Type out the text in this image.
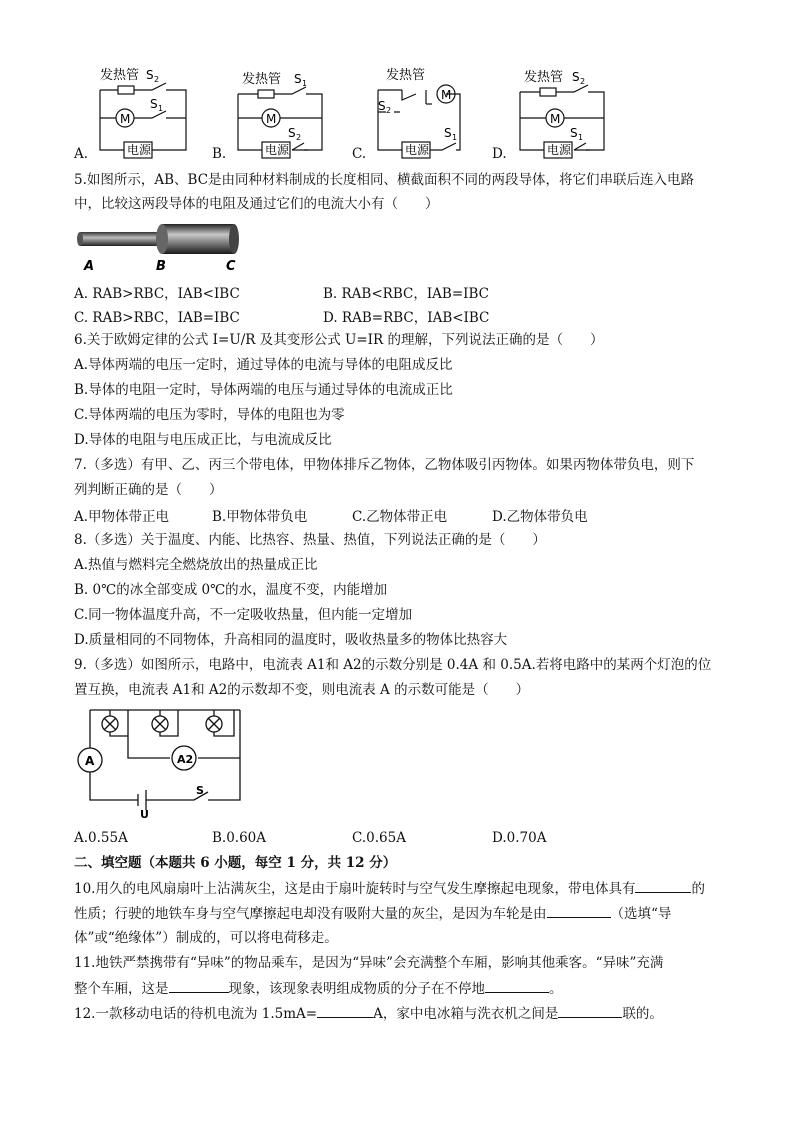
发热管 S 2
M
S 1
电源
A.
发热管 S 1
M
S 2
电源
B.
发热管
M
S 2
S 1
电源
C.
发热管 S 2
M
S 1
电源
D.
5.如图所示，AB、BC是由同种材料制成的长度相同、横截面积不同的两段导体，将它们串联后连入电路
中，比较这两段导体的电阻及通过它们的电流大小有（　　）
A	B	C
A. RAB>RBC，IAB<IBC	B. RAB<RBC，IAB=IBC
C. RAB>RBC，IAB=IBC	D. RAB=RBC，IAB<IBC
6.关于欧姆定律的公式 I=U/R 及其变形公式 U=IR 的理解，下列说法正确的是（　　）
A.导体两端的电压一定时，通过导体的电流与导体的电阻成反比
B.导体的电阻一定时，导体两端的电压与通过导体的电流成正比
C.导体两端的电压为零时，导体的电阻也为零
D.导体的电阻与电压成正比，与电流成反比
7.（多选）有甲、乙、丙三个带电体，甲物体排斥乙物体，乙物体吸引丙物体。如果丙物体带负电，则下
列判断正确的是（　　）
A.甲物体带正电	B.甲物体带负电	C.乙物体带正电	D.乙物体带负电
8.（多选）关于温度、内能、比热容、热量、热值，下列说法正确的是（　　）
A.热值与燃料完全燃烧放出的热量成正比
B. 0℃的冰全部变成 0℃的水，温度不变，内能增加
C.同一物体温度升高，不一定吸收热量，但内能一定增加
D.质量相同的不同物体，升高相同的温度时，吸收热量多的物体比热容大
9.（多选）如图所示，电路中，电流表 A1和 A2的示数分别是 0.4A 和 0.5A.若将电路中的某两个灯泡的位
置互换，电流表 A1和 A2的示数却不变，则电流表 A 的示数可能是（　　）
A	A2
S
U
A.0.55A	B.0.60A	C.0.65A	D.0.70A
二、填空题（本题共 6 小题，每空 1 分，共 12 分）
10.用久的电风扇扇叶上沾满灰尘，这是由于扇叶旋转时与空气发生摩擦起电现象，带电体具有	的
性质；行驶的地铁车身与空气摩擦起电却没有吸附大量的灰尘，是因为车轮是由	（选填“导
体”或“绝缘体”）制成的，可以将电荷移走。
11.地铁严禁携带有“异味”的物品乘车，是因为“异味”会充满整个车厢，影响其他乘客。“异味”充满
整个车厢，这是	现象，该现象表明组成物质的分子在不停地	。
12.一款移动电话的待机电流为 1.5mA=	A，家中电冰箱与洗衣机之间是	联的。
